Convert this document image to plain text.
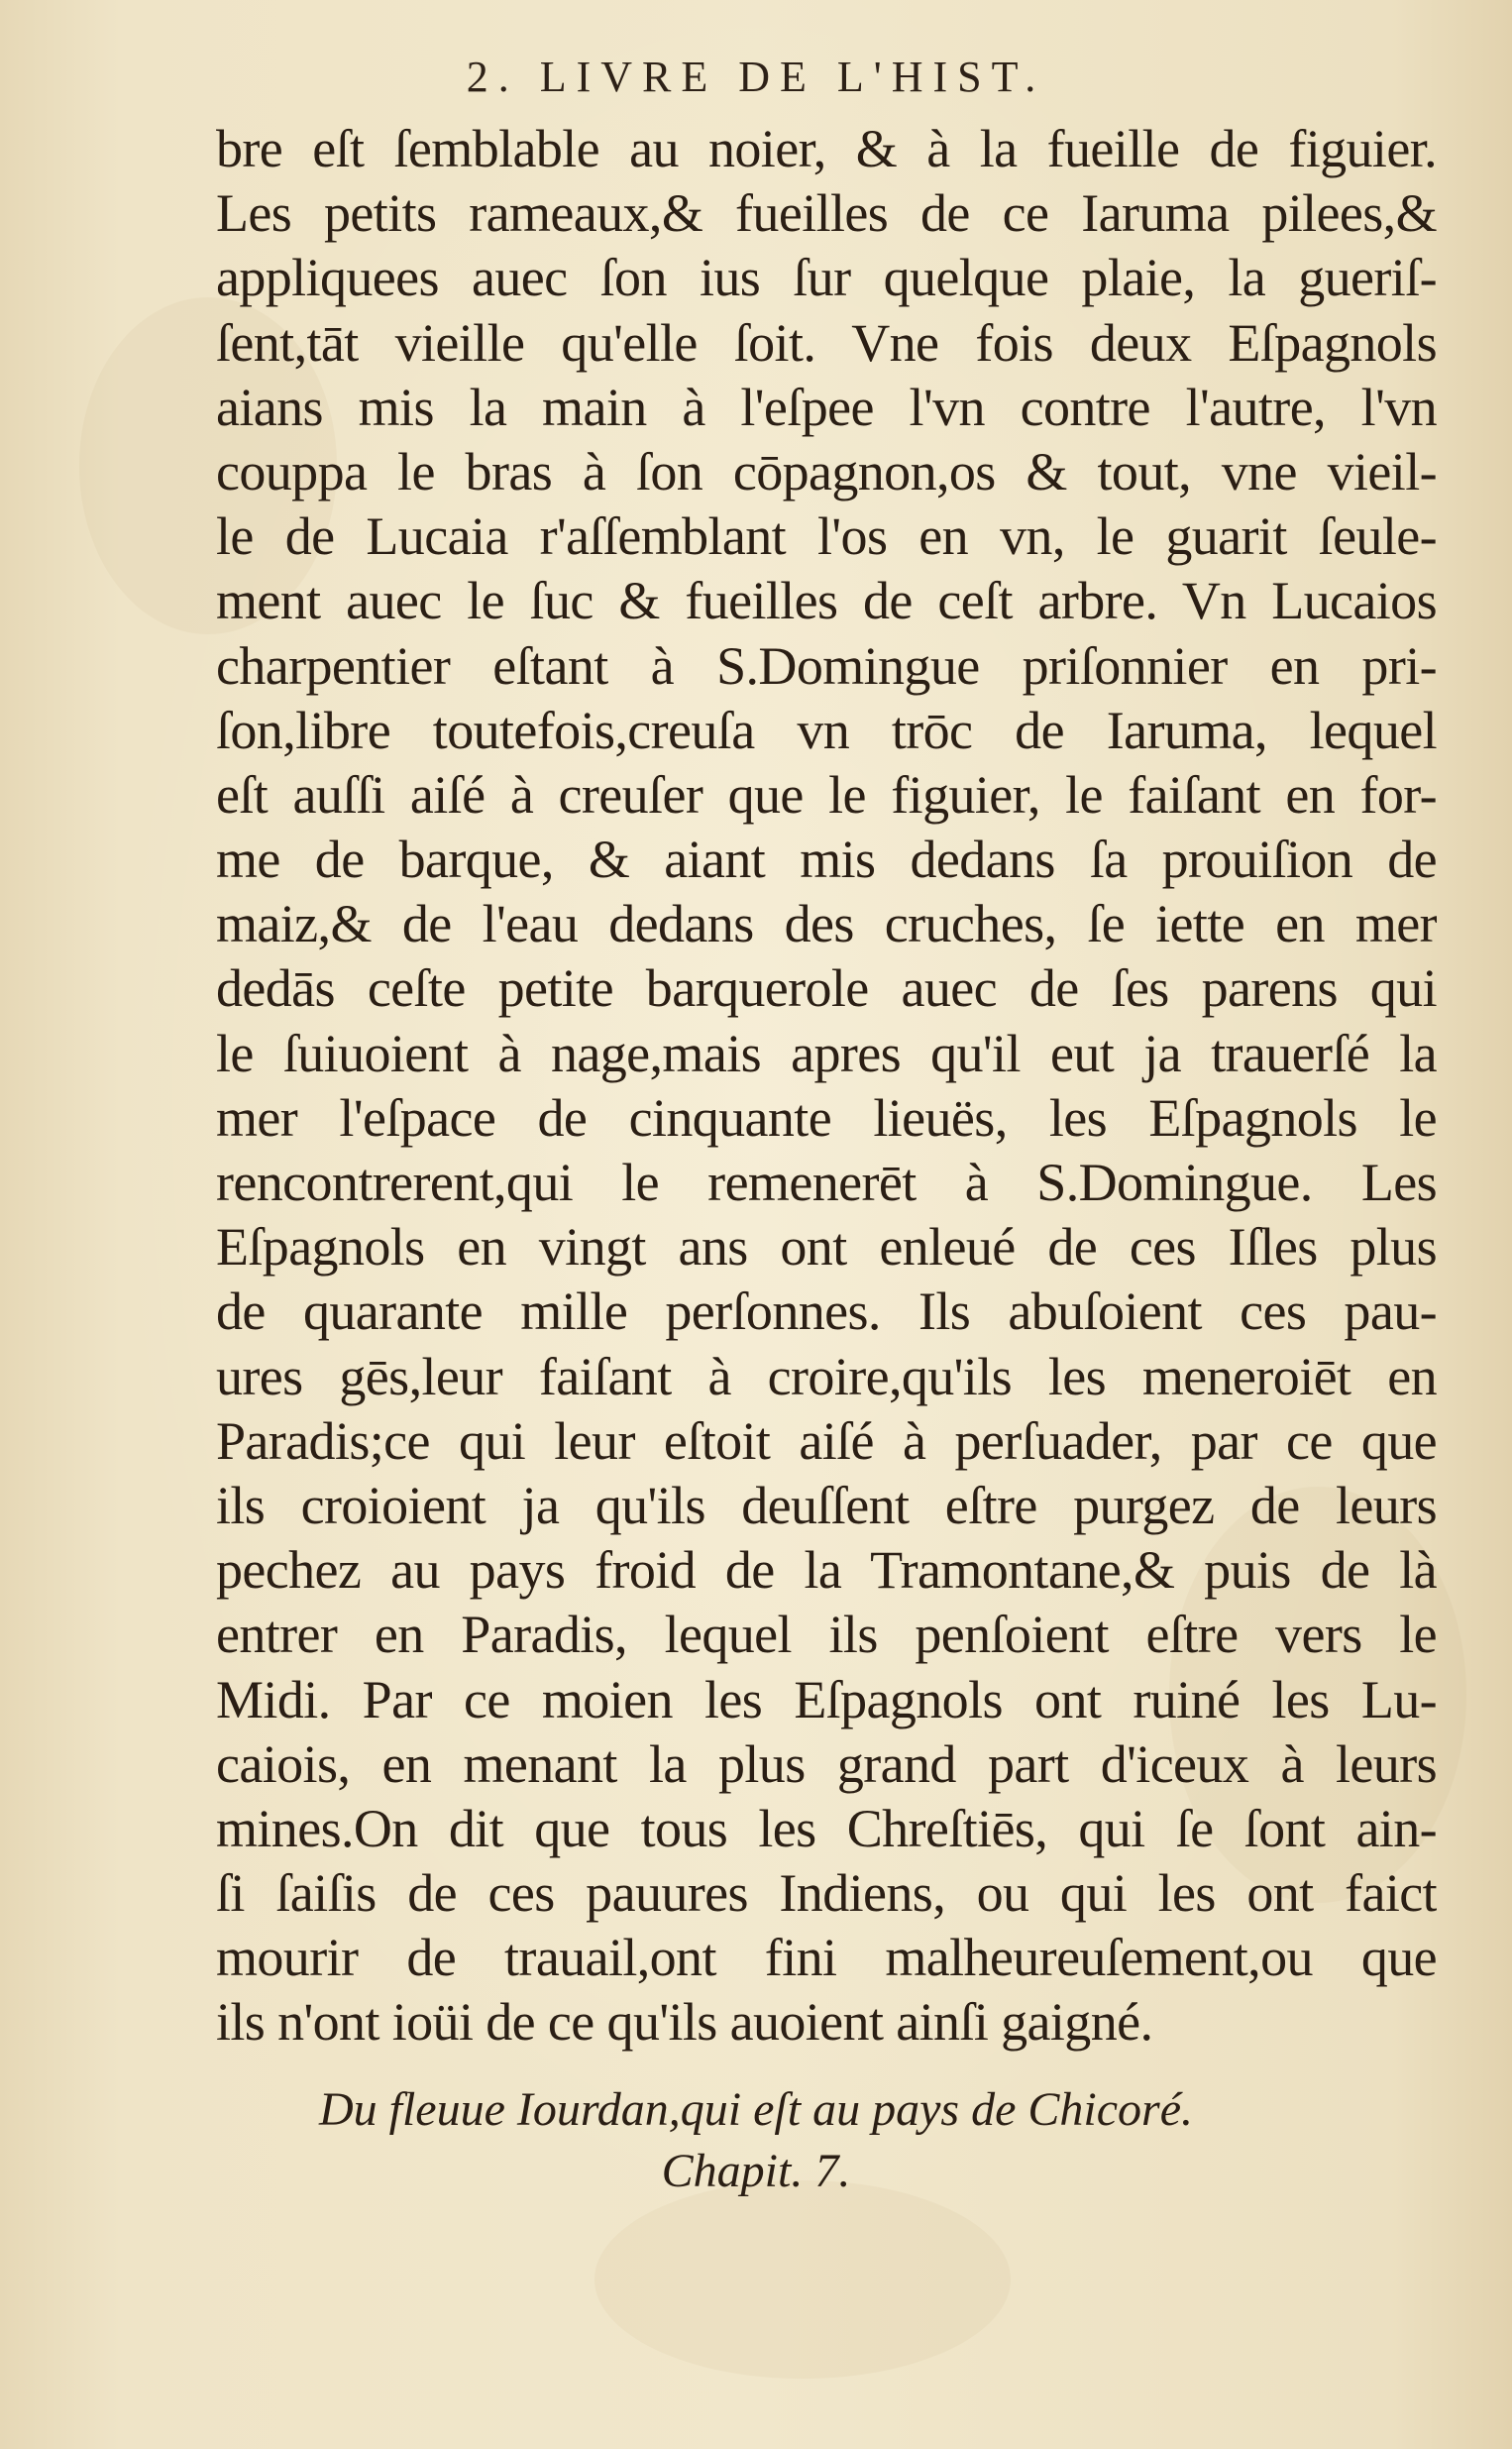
2. LIVRE DE L'HIST.
bre eſt ſemblable au noier, & à la fueille de figuier.
Les petits rameaux,& fueilles de ce Iaruma pilees,&
appliquees auec ſon ius ſur quelque plaie, la gueriſ-
ſent,tāt vieille qu'elle ſoit. Vne fois deux Eſpagnols
aians mis la main à l'eſpee l'vn contre l'autre, l'vn
couppa le bras à ſon cōpagnon,os & tout, vne vieil-
le de Lucaia r'aſſemblant l'os en vn, le guarit ſeule-
ment auec le ſuc & fueilles de ceſt arbre. Vn Lucaios
charpentier eſtant à S.Domingue priſonnier en pri-
ſon,libre toutefois,creuſa vn trōc de Iaruma, lequel
eſt auſſi aiſé à creuſer que le figuier, le faiſant en for-
me de barque, & aiant mis dedans ſa prouiſion de
maiz,& de l'eau dedans des cruches, ſe iette en mer
dedās ceſte petite barquerole auec de ſes parens qui
le ſuiuoient à nage,mais apres qu'il eut ja trauerſé la
mer l'eſpace de cinquante lieuës, les Eſpagnols le
rencontrerent,qui le remenerēt à S.Domingue. Les
Eſpagnols en vingt ans ont enleué de ces Iſles plus
de quarante mille perſonnes. Ils abuſoient ces pau-
ures gēs,leur faiſant à croire,qu'ils les meneroiēt en
Paradis;ce qui leur eſtoit aiſé à perſuader, par ce que
ils croioient ja qu'ils deuſſent eſtre purgez de leurs
pechez au pays froid de la Tramontane,& puis de là
entrer en Paradis, lequel ils penſoient eſtre vers le
Midi. Par ce moien les Eſpagnols ont ruiné les Lu-
caiois, en menant la plus grand part d'iceux à leurs
mines.On dit que tous les Chreſtiēs, qui ſe ſont ain-
ſi ſaiſis de ces pauures Indiens, ou qui les ont faict
mourir de trauail,ont fini malheureuſement,ou que
ils n'ont ioüi de ce qu'ils auoient ainſi gaigné.
Du fleuue Iourdan,qui eſt au pays de Chicoré.
Chapit. 7.
